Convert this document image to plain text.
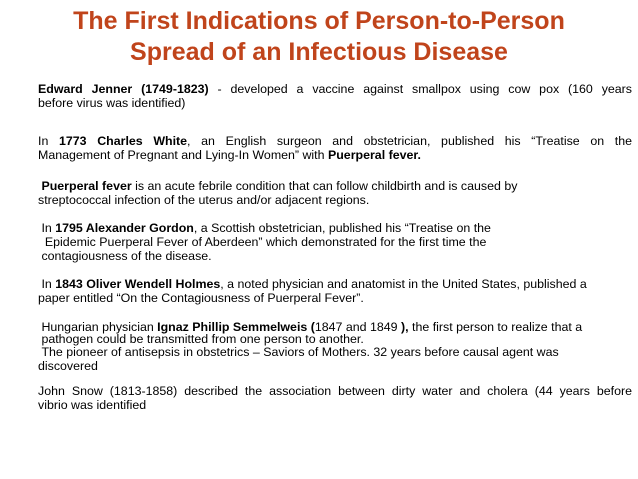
The First Indications of Person-to-Person
Spread of an Infectious Disease
Edward Jenner (1749-1823) - developed a vaccine against smallpox using cow pox (160 years
before virus was identified)
In 1773 Charles White, an English surgeon and obstetrician, published his “Treatise on the
Management of Pregnant and Lying-In Women” with Puerperal fever.
Puerperal fever is an acute febrile condition that can follow childbirth and is caused by
streptococcal infection of the uterus and/or adjacent regions.
In 1795 Alexander Gordon, a Scottish obstetrician, published his “Treatise on the
Epidemic Puerperal Fever of Aberdeen” which demonstrated for the first time the
contagiousness of the disease.
In 1843 Oliver Wendell Holmes, a noted physician and anatomist in the United States, published a
paper entitled “On the Contagiousness of Puerperal Fever”.
Hungarian physician Ignaz Phillip Semmelweis (1847 and 1849 ), the first person to realize that a
pathogen could be transmitted from one person to another.
The pioneer of antisepsis in obstetrics – Saviors of Mothers. 32 years before causal agent was
discovered
John Snow (1813-1858) described the association between dirty water and cholera (44 years before
vibrio was identified
